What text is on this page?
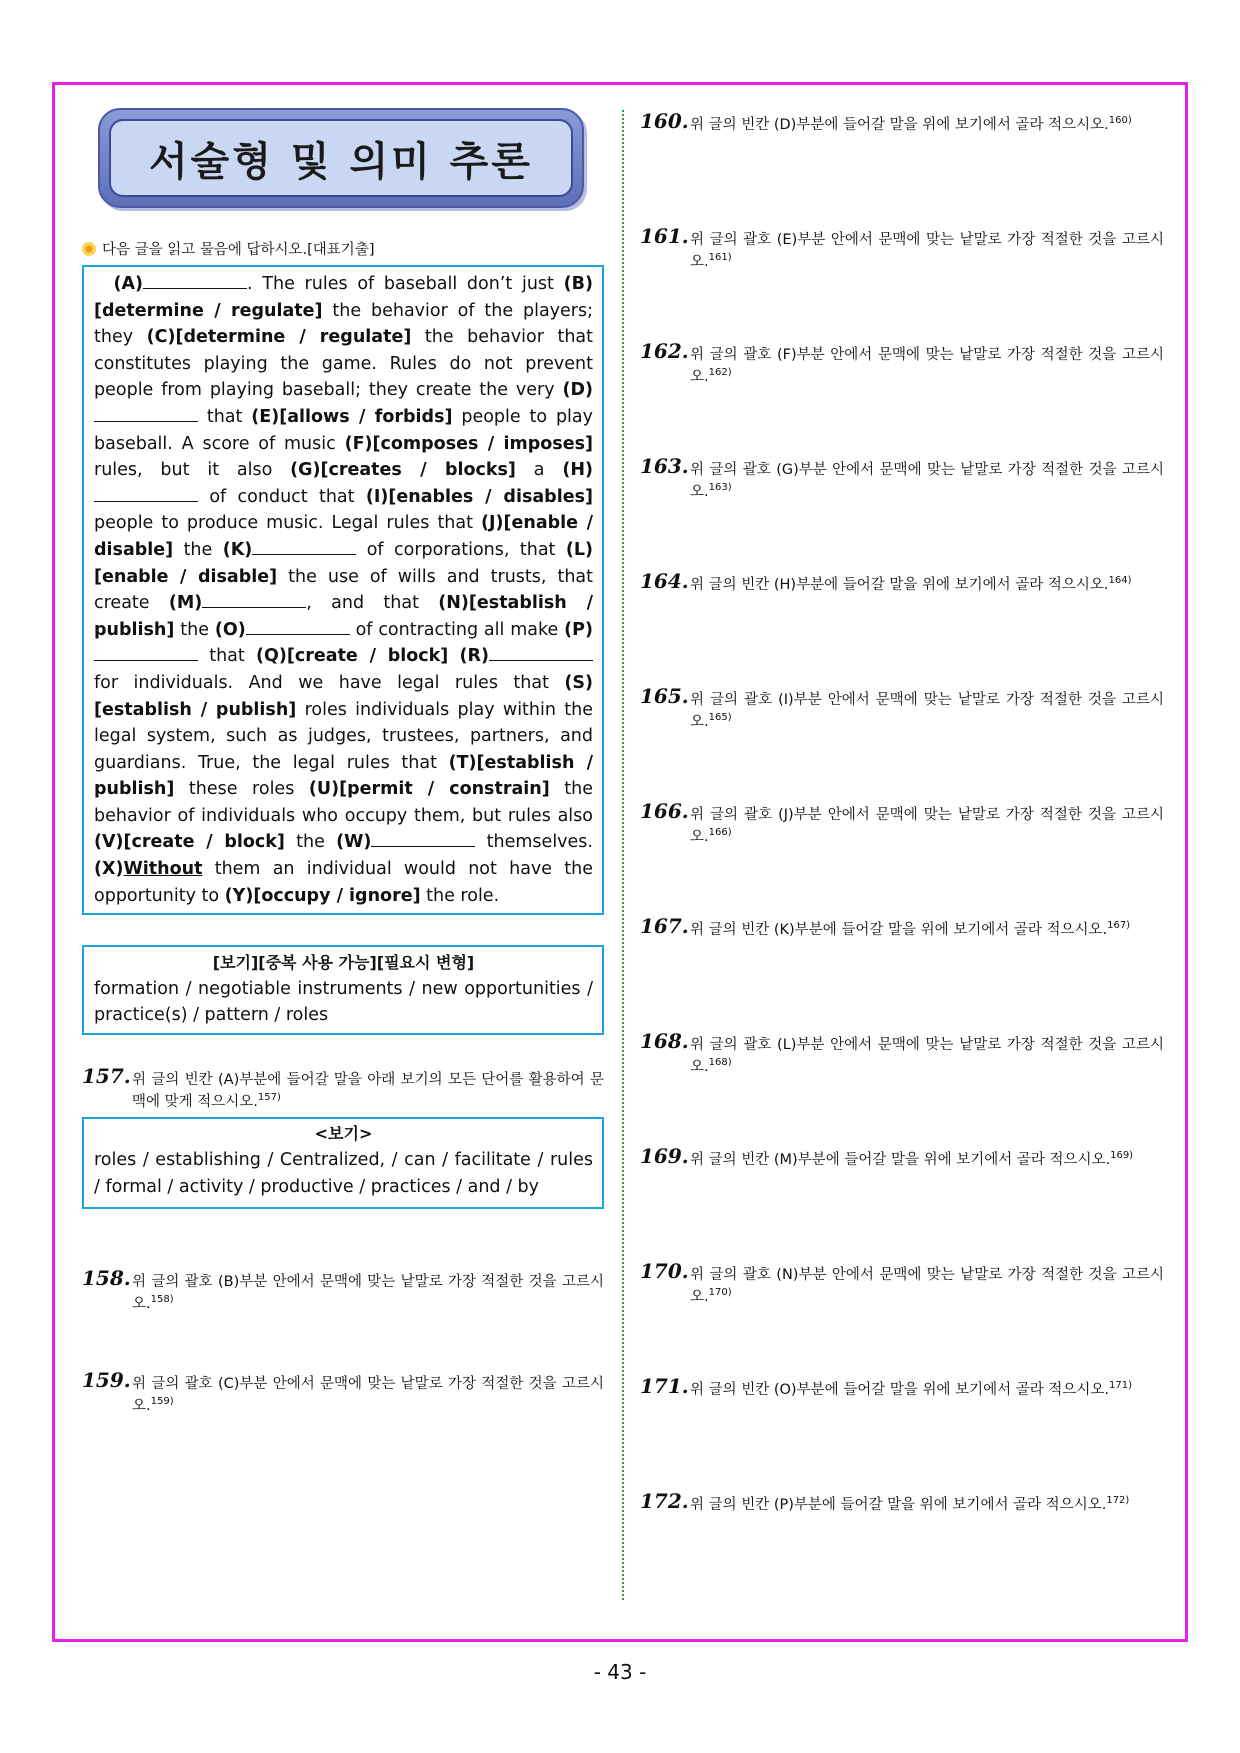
서술형 및 의미 추론
다음 글을 읽고 물음에 답하시오.[대표기출]
(A)	. The rules of baseball don’t just (B)[determine / regulate] the behavior of the players; they (C)[determine / regulate] the behavior that constitutes playing the game. Rules do not prevent people from playing baseball; they create the very (D) that (E)[allows / forbids] people to play baseball. A score of music (F)[composes / imposes] rules, but it also (G)[creates / blocks] a (H) of conduct that (I)[enables / disables] people to produce music. Legal rules that (J)[enable / disable] the (K)	of corporations, that (L)[enable / disable] the use of wills and trusts, that create (M)	, and that (N)[establish / publish] the (O)	of contracting all make (P) that (Q)[create / block] (R) for individuals. And we have legal rules that (S)[establish / publish] roles individuals play within the legal system, such as judges, trustees, partners, and guardians. True, the legal rules that (T)[establish / publish] these roles (U)[permit / constrain] the behavior of individuals who occupy them, but rules also (V)[create / block] the (W)	themselves. (X)Without them an individual would not have the opportunity to (Y)[occupy / ignore] the role.
[보기][중복 사용 가능][필요시 변형]
formation / negotiable instruments / new opportunities / practice(s) / pattern / roles
157. 위 글의 빈칸 (A)부분에 들어갈 말을 아래 보기의 모든 단어를 활용하여 문맥에 맞게 적으시오.$^{157)}$
<보기>
roles / establishing / Centralized, / can / facilitate / rules / formal / activity / productive / practices / and / by
158. 위 글의 괄호 (B)부분 안에서 문맥에 맞는 낱말로 가장 적절한 것을 고르시오.$^{158)}$
159. 위 글의 괄호 (C)부분 안에서 문맥에 맞는 낱말로 가장 적절한 것을 고르시오.$^{159)}$
160. 위 글의 빈칸 (D)부분에 들어갈 말을 위에 보기에서 골라 적으시오.$^{160)}$
161. 위 글의 괄호 (E)부분 안에서 문맥에 맞는 낱말로 가장 적절한 것을 고르시오.$^{161)}$
162. 위 글의 괄호 (F)부분 안에서 문맥에 맞는 낱말로 가장 적절한 것을 고르시오.$^{162)}$
163. 위 글의 괄호 (G)부분 안에서 문맥에 맞는 낱말로 가장 적절한 것을 고르시오.$^{163)}$
164. 위 글의 빈칸 (H)부분에 들어갈 말을 위에 보기에서 골라 적으시오.$^{164)}$
165. 위 글의 괄호 (I)부분 안에서 문맥에 맞는 낱말로 가장 적절한 것을 고르시오.$^{165)}$
166. 위 글의 괄호 (J)부분 안에서 문맥에 맞는 낱말로 가장 적절한 것을 고르시오.$^{166)}$
167. 위 글의 빈칸 (K)부분에 들어갈 말을 위에 보기에서 골라 적으시오.$^{167)}$
168. 위 글의 괄호 (L)부분 안에서 문맥에 맞는 낱말로 가장 적절한 것을 고르시오.$^{168)}$
169. 위 글의 빈칸 (M)부분에 들어갈 말을 위에 보기에서 골라 적으시오.$^{169)}$
170. 위 글의 괄호 (N)부분 안에서 문맥에 맞는 낱말로 가장 적절한 것을 고르시오.$^{170)}$
171. 위 글의 빈칸 (O)부분에 들어갈 말을 위에 보기에서 골라 적으시오.$^{171)}$
172. 위 글의 빈칸 (P)부분에 들어갈 말을 위에 보기에서 골라 적으시오.$^{172)}$
- 43 -
